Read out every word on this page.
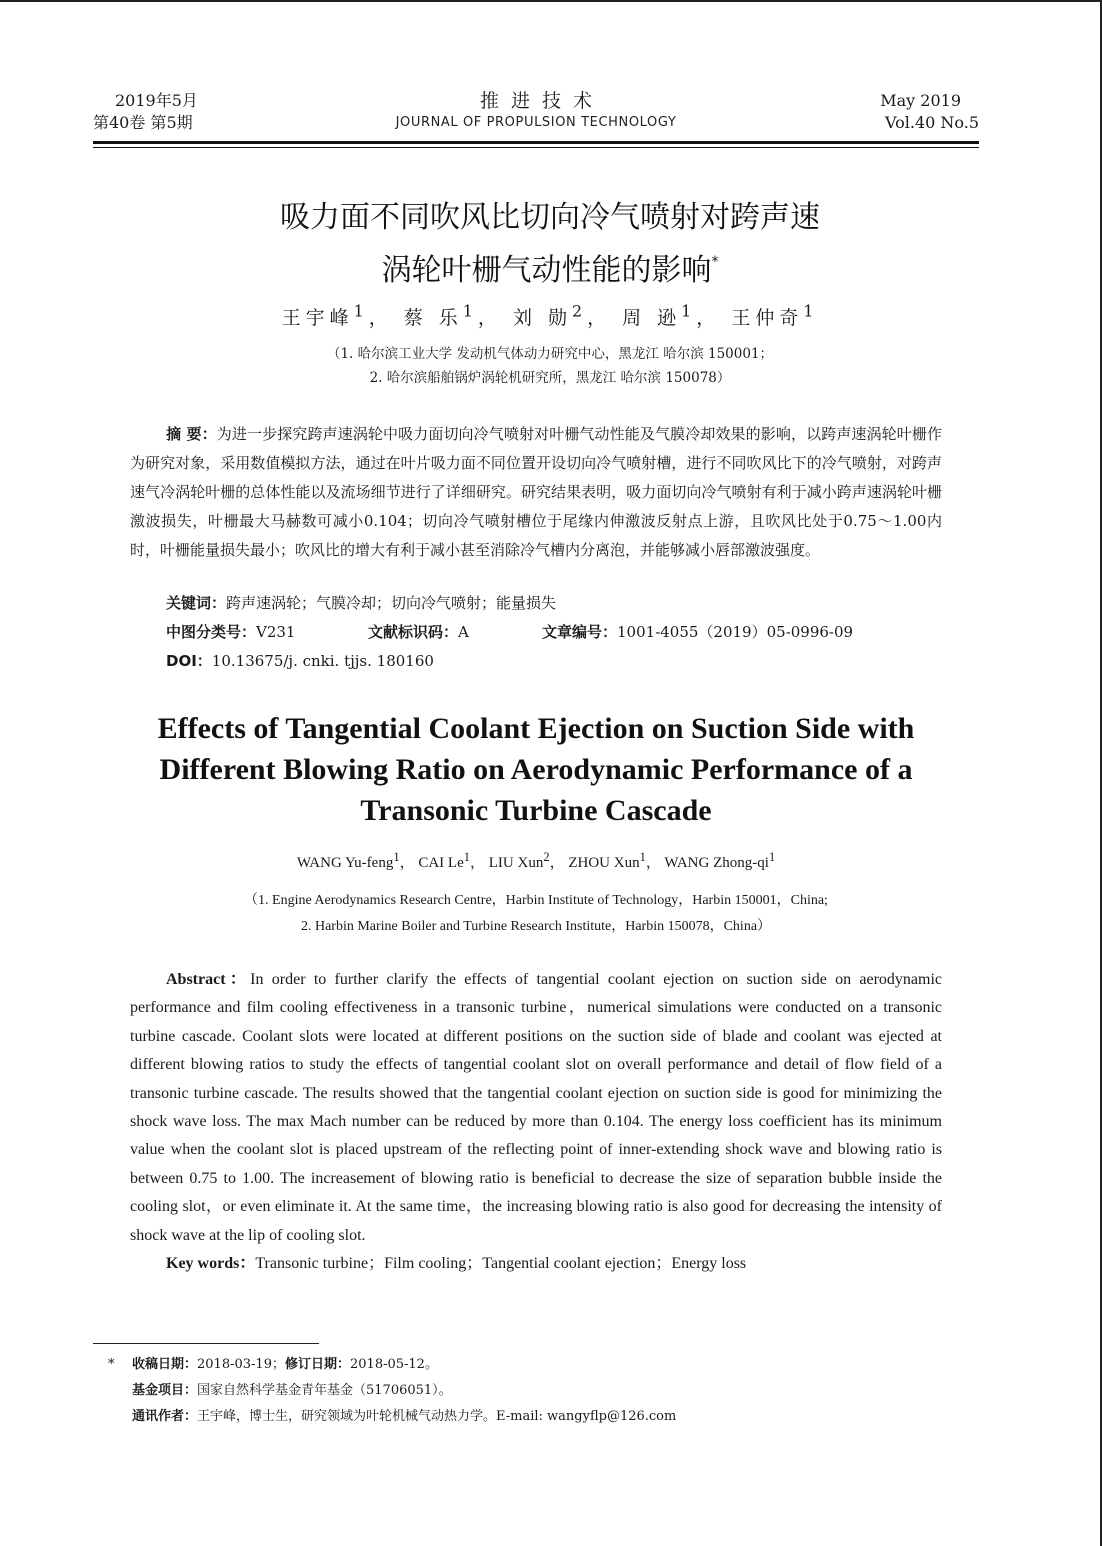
2019年5月
第40卷 第5期
推进技术
JOURNAL OF PROPULSION TECHNOLOGY
May 2019
Vol.40 No.5
吸力面不同吹风比切向冷气喷射对跨声速
涡轮叶栅气动性能的影响*
王宇峰$^1$， 蔡 乐$^1$， 刘 勋$^2$， 周 逊$^1$， 王仲奇$^1$
（1. 哈尔滨工业大学 发动机气体动力研究中心，黑龙江 哈尔滨 150001；
2. 哈尔滨船舶锅炉涡轮机研究所，黑龙江 哈尔滨 150078）
摘 要：为进一步探究跨声速涡轮中吸力面切向冷气喷射对叶栅气动性能及气膜冷却效果的影响，以跨声速涡轮叶栅作为研究对象，采用数值模拟方法，通过在叶片吸力面不同位置开设切向冷气喷射槽，进行不同吹风比下的冷气喷射，对跨声速气冷涡轮叶栅的总体性能以及流场细节进行了详细研究。研究结果表明，吸力面切向冷气喷射有利于减小跨声速涡轮叶栅激波损失，叶栅最大马赫数可减小0.104；切向冷气喷射槽位于尾缘内伸激波反射点上游，且吹风比处于0.75～1.00内时，叶栅能量损失最小；吹风比的增大有利于减小甚至消除冷气槽内分离泡，并能够减小唇部激波强度。
关键词：跨声速涡轮；气膜冷却；切向冷气喷射；能量损失
中图分类号：V231	文献标识码：A	文章编号：1001-4055（2019）05-0996-09
DOI：10.13675/j. cnki. tjjs. 180160
Effects of Tangential Coolant Ejection on Suction Side with
Different Blowing Ratio on Aerodynamic Performance of a
Transonic Turbine Cascade
WANG Yu-feng$^1$， CAI Le$^1$， LIU Xun$^2$， ZHOU Xun$^1$， WANG Zhong-$qi^1$
（1. Engine Aerodynamics Research Centre，Harbin Institute of Technology，Harbin 150001，China;
2. Harbin Marine Boiler and Turbine Research Institute，Harbin 150078，China）
Abstract：In order to further clarify the effects of tangential coolant ejection on suction side on aerodynamic performance and film cooling effectiveness in a transonic turbine，numerical simulations were conducted on a transonic turbine cascade. Coolant slots were located at different positions on the suction side of blade and coolant was ejected at different blowing ratios to study the effects of tangential coolant slot on overall performance and detail of flow field of a transonic turbine cascade. The results showed that the tangential coolant ejection on suction side is good for minimizing the shock wave loss. The max Mach number can be reduced by more than 0.104. The energy loss coefficient has its minimum value when the coolant slot is placed upstream of the reflecting point of inner-extending shock wave and blowing ratio is between 0.75 to 1.00. The increasement of blowing ratio is beneficial to decrease the size of separation bubble inside the cooling slot，or even eliminate it. At the same time，the increasing blowing ratio is also good for decreasing the intensity of shock wave at the lip of cooling slot.
Key words：Transonic turbine；Film cooling；Tangential coolant ejection；Energy loss
* 收稿日期：2018-03-19；修订日期：2018-05-12。
基金项目：国家自然科学基金青年基金（51706051）。
通讯作者：王宇峰，博士生，研究领域为叶轮机械气动热力学。E-mail: wangyflp@126.com
